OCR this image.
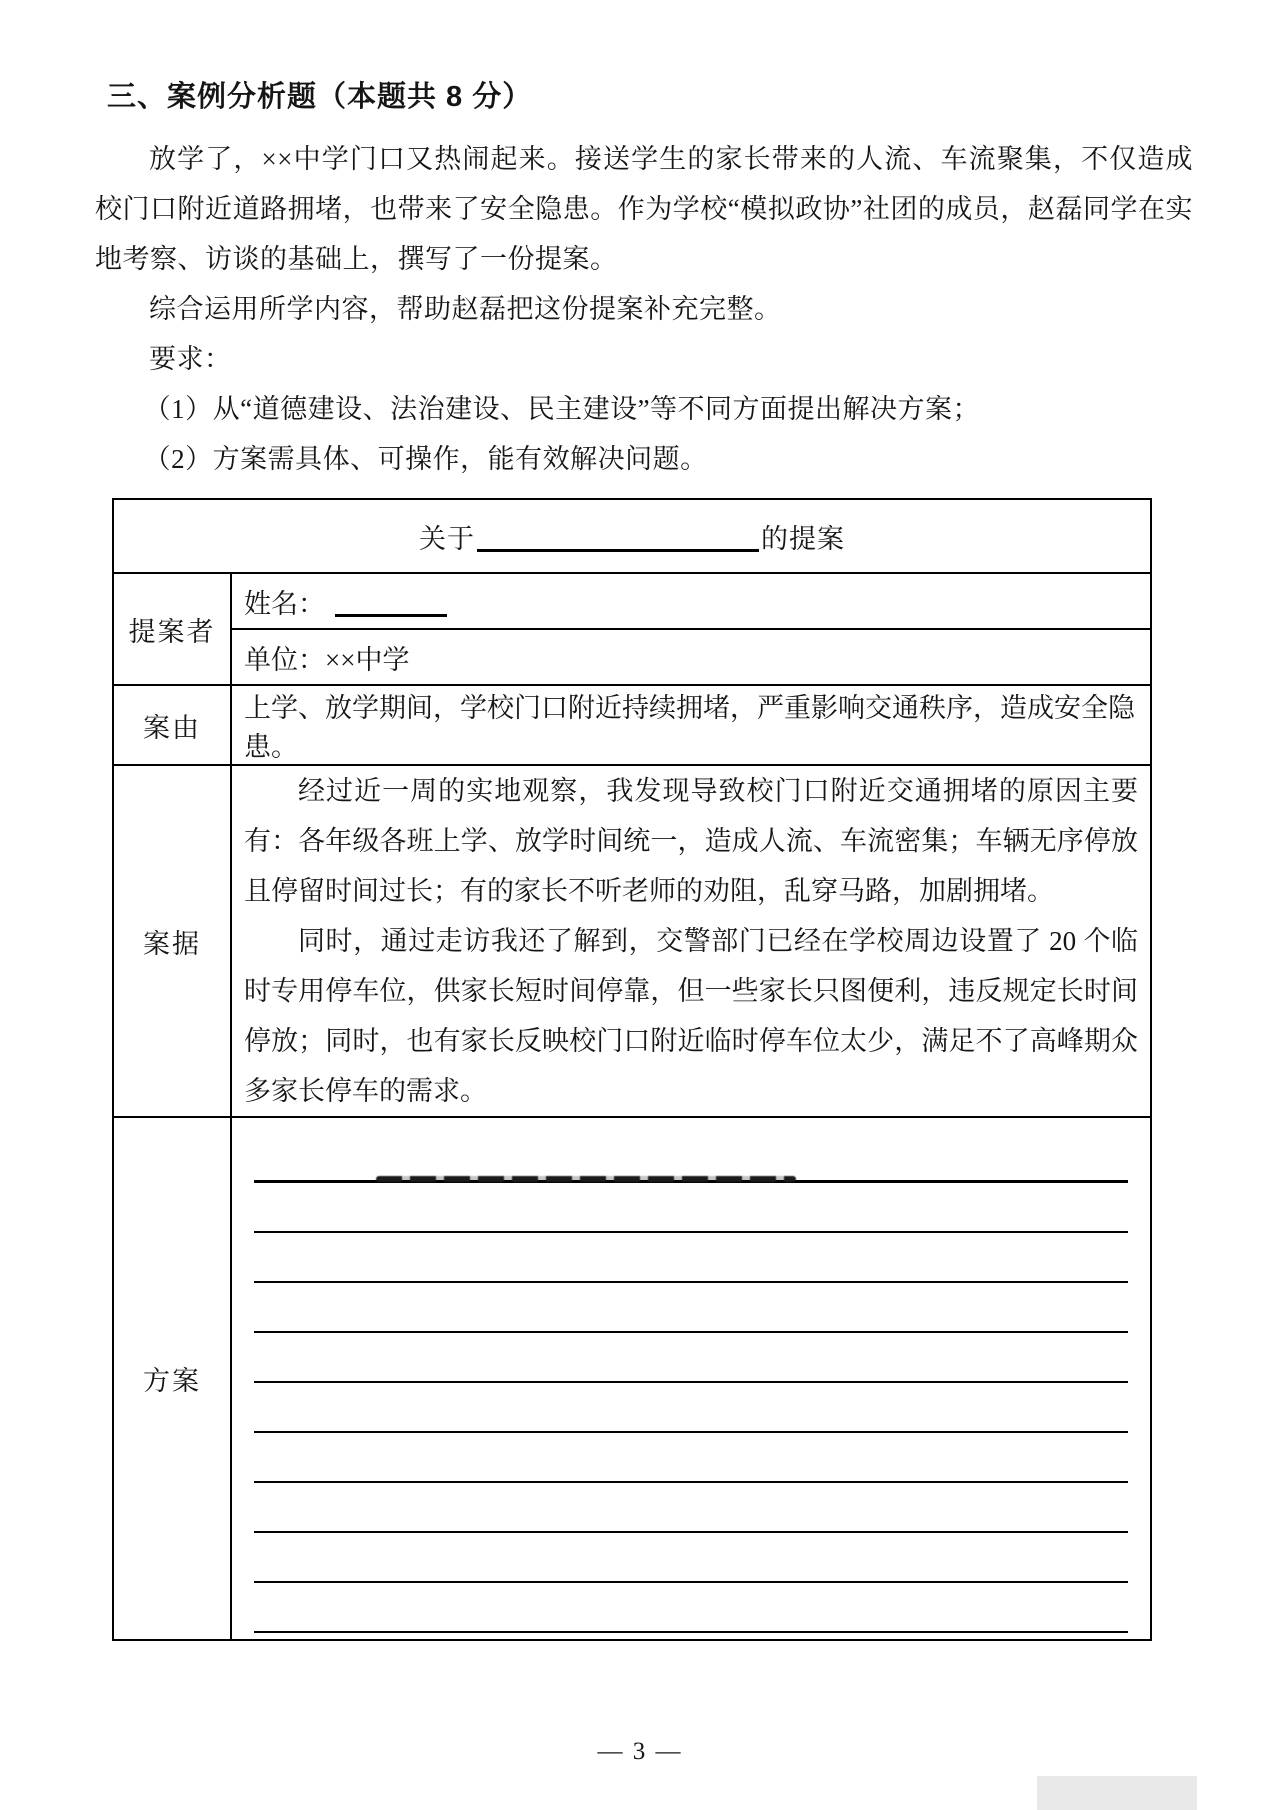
三、案例分析题（本题共 8 分）

放学了，××中学门口又热闹起来。接送学生的家长带来的人流、车流聚集，不仅造成校门口附近道路拥堵，也带来了安全隐患。作为学校“模拟政协”社团的成员，赵磊同学在实地考察、访谈的基础上，撰写了一份提案。

综合运用所学内容，帮助赵磊把这份提案补充完整。

要求：

（1）从“道德建设、法治建设、民主建设”等不同方面提出解决方案；

（2）方案需具体、可操作，能有效解决问题。

关于 的提案	
提案者	姓名：
	单位：××中学
案由	上学、放学期间，学校门口附近持续拥堵，严重影响交通秩序，造成安全隐患。
案据	经过近一周的实地观察，我发现导致校门口附近交通拥堵的原因主要有：各年级各班上学、放学时间统一，造成人流、车流密集；车辆无序停放且停留时间过长；有的家长不听老师的劝阻，乱穿马路，加剧拥堵。

同时，通过走访我还了解到，交警部门已经在学校周边设置了 20 个临时专用停车位，供家长短时间停靠，但一些家长只图便利，违反规定长时间停放；同时，也有家长反映校门口附近临时停车位太少，满足不了高峰期众多家长停车的需求。

方案	
— 3 —
